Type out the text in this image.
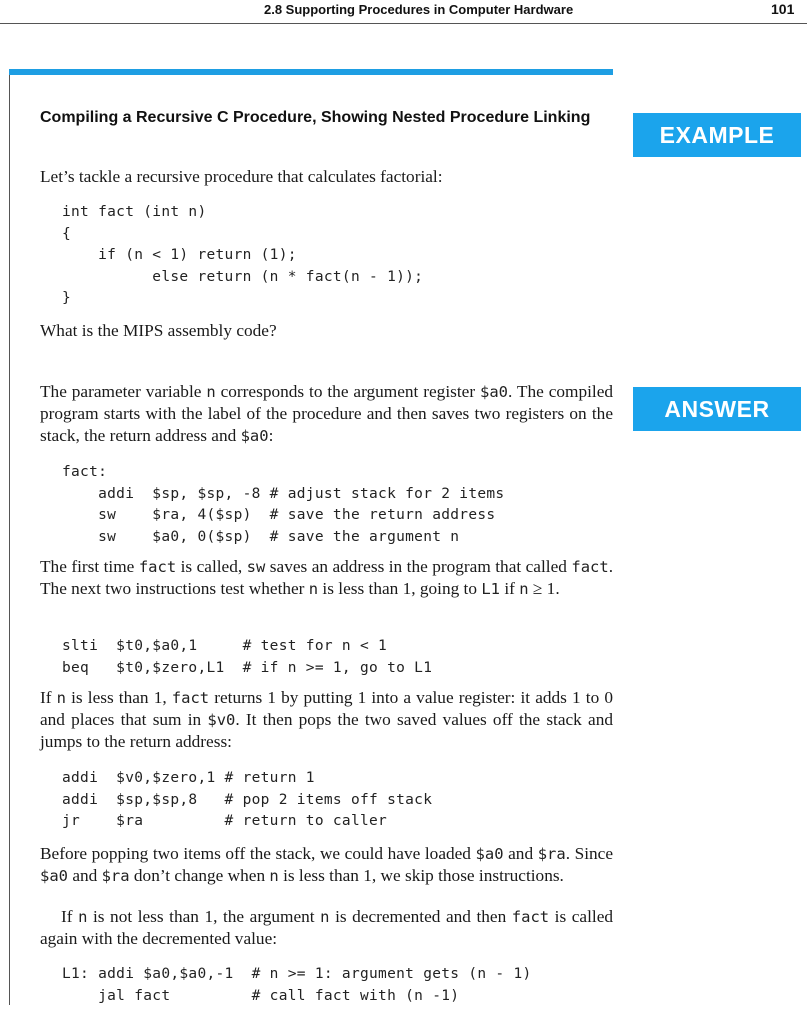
2.8 Supporting Procedures in Computer Hardware	101
EXAMPLE
ANSWER
Compiling a Recursive C Procedure, Showing Nested Procedure Linking
Let’s tackle a recursive procedure that calculates factorial:
int fact (int n)
{
if (n < 1) return (1);
else return (n * fact(n - 1));
}
What is the MIPS assembly code?
The parameter variable n corresponds to the argument register $a0. The compiled program starts with the label of the procedure and then saves two registers on the stack, the return address and $a0:
fact:
addi  $sp, $sp, -8 # adjust stack for 2 items
sw    $ra, 4($sp)  # save the return address
sw    $a0, 0($sp)  # save the argument n
The first time fact is called, sw saves an address in the program that called fact. The next two instructions test whether n is less than 1, going to L1 if n ≥ 1.
slti  $t0,$a0,1     # test for n < 1
beq   $t0,$zero,L1  # if n >= 1, go to L1
If n is less than 1, fact returns 1 by putting 1 into a value register: it adds 1 to 0 and places that sum in $v0. It then pops the two saved values off the stack and jumps to the return address:
addi  $v0,$zero,1 # return 1
addi  $sp,$sp,8   # pop 2 items off stack
jr    $ra         # return to caller
Before popping two items off the stack, we could have loaded $a0 and $ra. Since $a0 and $ra don’t change when n is less than 1, we skip those instructions.
If n is not less than 1, the argument n is decremented and then fact is called again with the decremented value:
L1: addi $a0,$a0,-1  # n >= 1: argument gets (n - 1)
jal fact         # call fact with (n -1)
